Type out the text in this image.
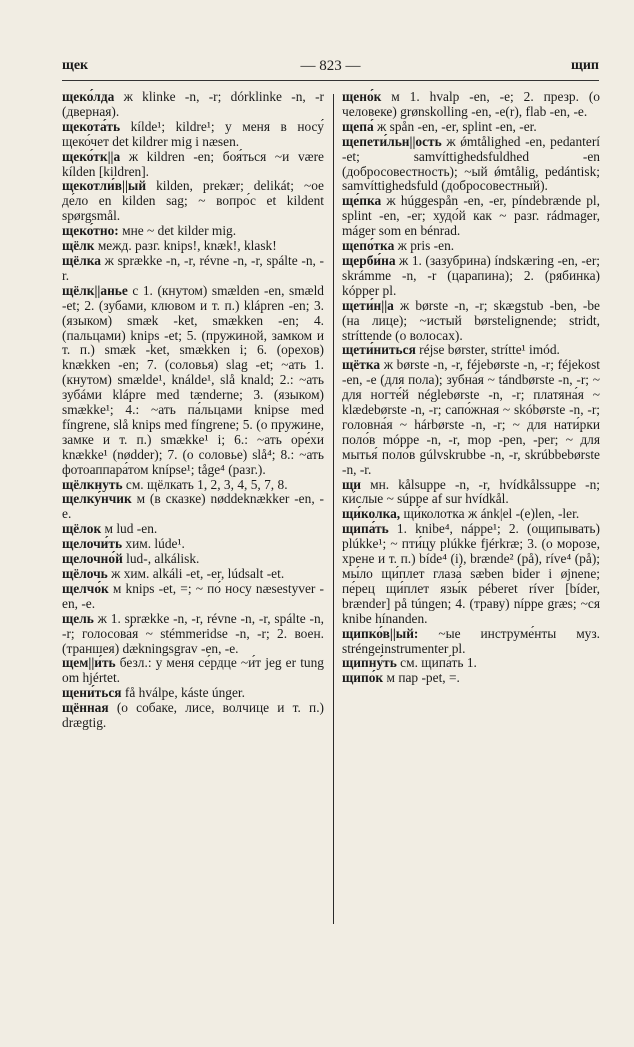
щек	— 823 —	щип

щеко́лда ж klinke -n, -r; dórklinke -n, -r (дверная).

щекота́ть kílde¹; kildre¹; у меня в носу́ щеко́чет det kildrer mig i næsen.

щеко́тк||а ж kildren -en; боя́ться ~и være kílden [kildren].

щекотли́в||ый kilden, prekær; delikát; ~ое де́ло en kilden sag; ~ вопро́с et kildent spørgsmål.

щеко́тно: мне ~ det kilder mig.

щёлк межд. разг. knips!, knæk!, klask!

щёлка ж sprække -n, -r, révne -n, -r, spálte -n, -r.

щёлк||анье с 1. (кнутом) smælden -en, smæld -et; 2. (зубами, клювом и т. п.) klápren -en; 3. (языком) smæk -ket, smækken -en; 4. (пальцами) knips -et; 5. (пружиной, замком и т. п.) smæk -ket, smækken i; 6. (орехов) knækken -en; 7. (соловья) slag -et; ~ать 1. (кнутом) smælde¹, knálde¹, slå knald; 2.: ~ать зубáми klápre med tænderne; 3. (языком) smække¹; 4.: ~ать па́льцами knipse med fíngrene, slå knips med fíngrene; 5. (о пружине, замке и т. п.) smække¹ i; 6.: ~ать оре́хи knække¹ (nødder); 7. (о соловье) slå⁴; 8.: ~ать фотоаппара́том knípse¹; tåge⁴ (разг.).

щёлкнуть см. щёлкать 1, 2, 3, 4, 5, 7, 8.

щелку́нчик м (в сказке) nøddeknækker -en, -e.

щёлок м lud -en.

щелочи́ть хим. lúde¹.

щелочно́й lud-, alkálisk.

щёлочь ж хим. alkáli -et, -er, lúdsalt -et.

щелчо́к м knips -et, =; ~ по́ носу næsestyver -en, -e.

щель ж 1. sprække -n, -r, révne -n, -r, spálte -n, -r; голосова́я ~ stémmeridse -n, -r; 2. воен. (траншея) dækningsgrav -en, -e.

щем||и́ть безл.: у меня се́рдце ~и́т jeg er tung om hjértet.

щени́ться få hválpe, káste únger.

щённая (о собаке, лисе, волчице и т. п.) drægtig.

щено́к м 1. hvalp -en, -e; 2. презр. (о человеке) grønskolling -en, -e(r), flab -en, -e.

щепа́ ж spån -en, -er, splint -en, -er.

щепети́льн||ость ж ǿmtålighed -en, pedanterí -et; samvíttighedsfuldhed -en (добросовестность); ~ый ǿmtålig, pedántisk; samvíttighedsfuld (добросовестный).

ще́пка ж húggespån -en, -er, píndebrænde pl, splint -en, -er; худо́й как ~ разг. rádmager, máger som en bénrad.

щепо́тка ж pris -en.

щерби́на ж 1. (зазубрина) índskæring -en, -er; skrámme -n, -r (царапина); 2. (рябинка) kópper pl.

щети́н||а ж børste -n, -r; skægstub -ben, -be (на лице); ~истый børstelignende; stridt, stríttende (о волосах).

щети́ниться réjse børster, strítte¹ imód.

щётка ж børste -n, -r, féjebørste -n, -r; féjekost -en, -e (для пола); зубна́я ~ tándbørste -n, -r; ~ для ногте́й néglebørste -n, -r; платяна́я ~ klædebørste -n, -r; сапо́жная ~ skóbørste -n, -r; головна́я ~ hárbørste -n, -r; ~ для нати́рки поло́в móppe -n, -r, mop -pen, -per; ~ для мытья́ поло́в gúlvskrubbe -n, -r, skrúbbebørste -n, -r.

щи мн. kålsuppe -n, -r, hvídkålssuppe -n; ки́слые ~ súppe af sur hvídkål.

щи́колка, щи́колотка ж ánk|el -(e)len, -ler.

щипа́ть 1. knibe⁴, náppe¹; 2. (ощипывать) plúkke¹; ~ пти́цу plúkke fjérkræ; 3. (о морозе, хрене и т. п.) bíde⁴ (i), brænde² (på), ríve⁴ (på); мы́ло щи́плет глаза́ sæben bider i øjnene; пе́рец щи́плет язы́к péberet ríver [bíder, brænder] på túngen; 4. (траву) níppe græs; ~ся knibe hínanden.

щипко́в||ый: ~ые инструме́нты муз. stréngeinstrumenter pl.

щипну́ть см. щипа́ть 1.

щипо́к м пар -pet, =.
